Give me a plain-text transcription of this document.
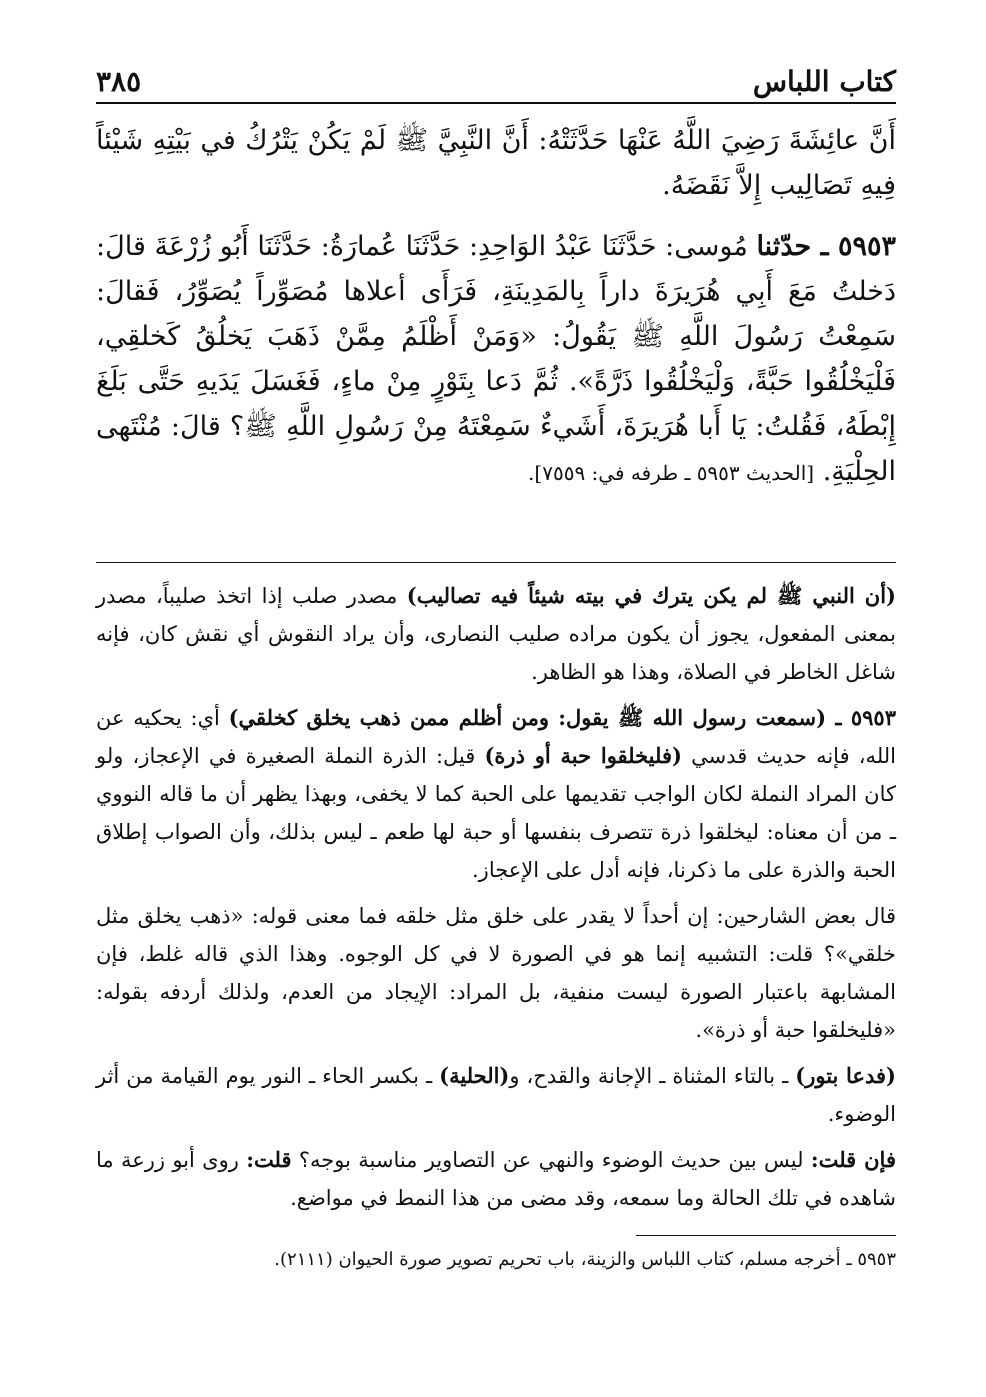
كتاب اللباس
٣٨٥

أَنَّ عائِشَةَ رَضِيَ اللَّهُ عَنْهَا حَدَّثَتْهُ: أَنَّ النَّبِيَّ ﷺ لَمْ يَكُنْ يَتْرُكُ في بَيْتِهِ شَيْئاً فِيهِ تَصَالِيب إِلاَّ نَقَضَهُ.

٥٩٥٣ ـ حدّثنا مُوسى: حَدَّثَنَا عَبْدُ الوَاحِدِ: حَدَّثَنَا عُمارَةُ: حَدَّثَنَا أَبُو زُرْعَةَ قالَ: دَخلتُ مَعَ أَبِي هُرَيرَةَ داراً بِالمَدِينَةِ، فَرَأَى أعلاها مُصَوِّراً يُصَوِّرُ، فَقالَ: سَمِعْتُ رَسُولَ اللَّهِ ﷺ يَقُولُ: «وَمَنْ أَظْلَمُ مِمَّنْ ذَهَبَ يَخلُقُ كَخلقِي، فَلْيَخْلُقُوا حَبَّةً، وَلْيَخْلُقُوا ذَرَّةً». ثُمَّ دَعا بِتَوْرٍ مِنْ ماءٍ، فَغَسَلَ يَدَيهِ حَتَّى بَلَغَ إِبْطَهُ، فَقُلتُ: يَا أَبا هُرَيرَةَ، أَشَيءٌ سَمِعْتَهُ مِنْ رَسُولِ اللَّهِ ﷺ؟ قالَ: مُنْتَهى الحِلْيَةِ. [الحديث ٥٩٥٣ ـ طرفه في: ٧٥٥٩].

(أن النبي ﷺ لم يكن يترك في بيته شيئاً فيه تصاليب) مصدر صلب إذا اتخذ صليباً، مصدر بمعنى المفعول، يجوز أن يكون مراده صليب النصارى، وأن يراد النقوش أي نقش كان، فإنه شاغل الخاطر في الصلاة، وهذا هو الظاهر.

٥٩٥٣ ـ (سمعت رسول الله ﷺ يقول: ومن أظلم ممن ذهب يخلق كخلقي) أي: يحكيه عن الله، فإنه حديث قدسي (فليخلقوا حبة أو ذرة) قيل: الذرة النملة الصغيرة في الإعجاز، ولو كان المراد النملة لكان الواجب تقديمها على الحبة كما لا يخفى، وبهذا يظهر أن ما قاله النووي ـ من أن معناه: ليخلقوا ذرة تتصرف بنفسها أو حبة لها طعم ـ ليس بذلك، وأن الصواب إطلاق الحبة والذرة على ما ذكرنا، فإنه أدل على الإعجاز.

قال بعض الشارحين: إن أحداً لا يقدر على خلق مثل خلقه فما معنى قوله: «ذهب يخلق مثل خلقي»؟ قلت: التشبيه إنما هو في الصورة لا في كل الوجوه. وهذا الذي قاله غلط، فإن المشابهة باعتبار الصورة ليست منفية، بل المراد: الإيجاد من العدم، ولذلك أردفه بقوله: «فليخلقوا حبة أو ذرة».

(فدعا بتور) ـ بالتاء المثناة ـ الإجانة والقدح، و(الحلية) ـ بكسر الحاء ـ النور يوم القيامة من أثر الوضوء.

فإن قلت: ليس بين حديث الوضوء والنهي عن التصاوير مناسبة بوجه؟ قلت: روى أبو زرعة ما شاهده في تلك الحالة وما سمعه، وقد مضى من هذا النمط في مواضع.

٥٩٥٣ ـ أخرجه مسلم، كتاب اللباس والزينة، باب تحريم تصوير صورة الحيوان (٢١١١).
